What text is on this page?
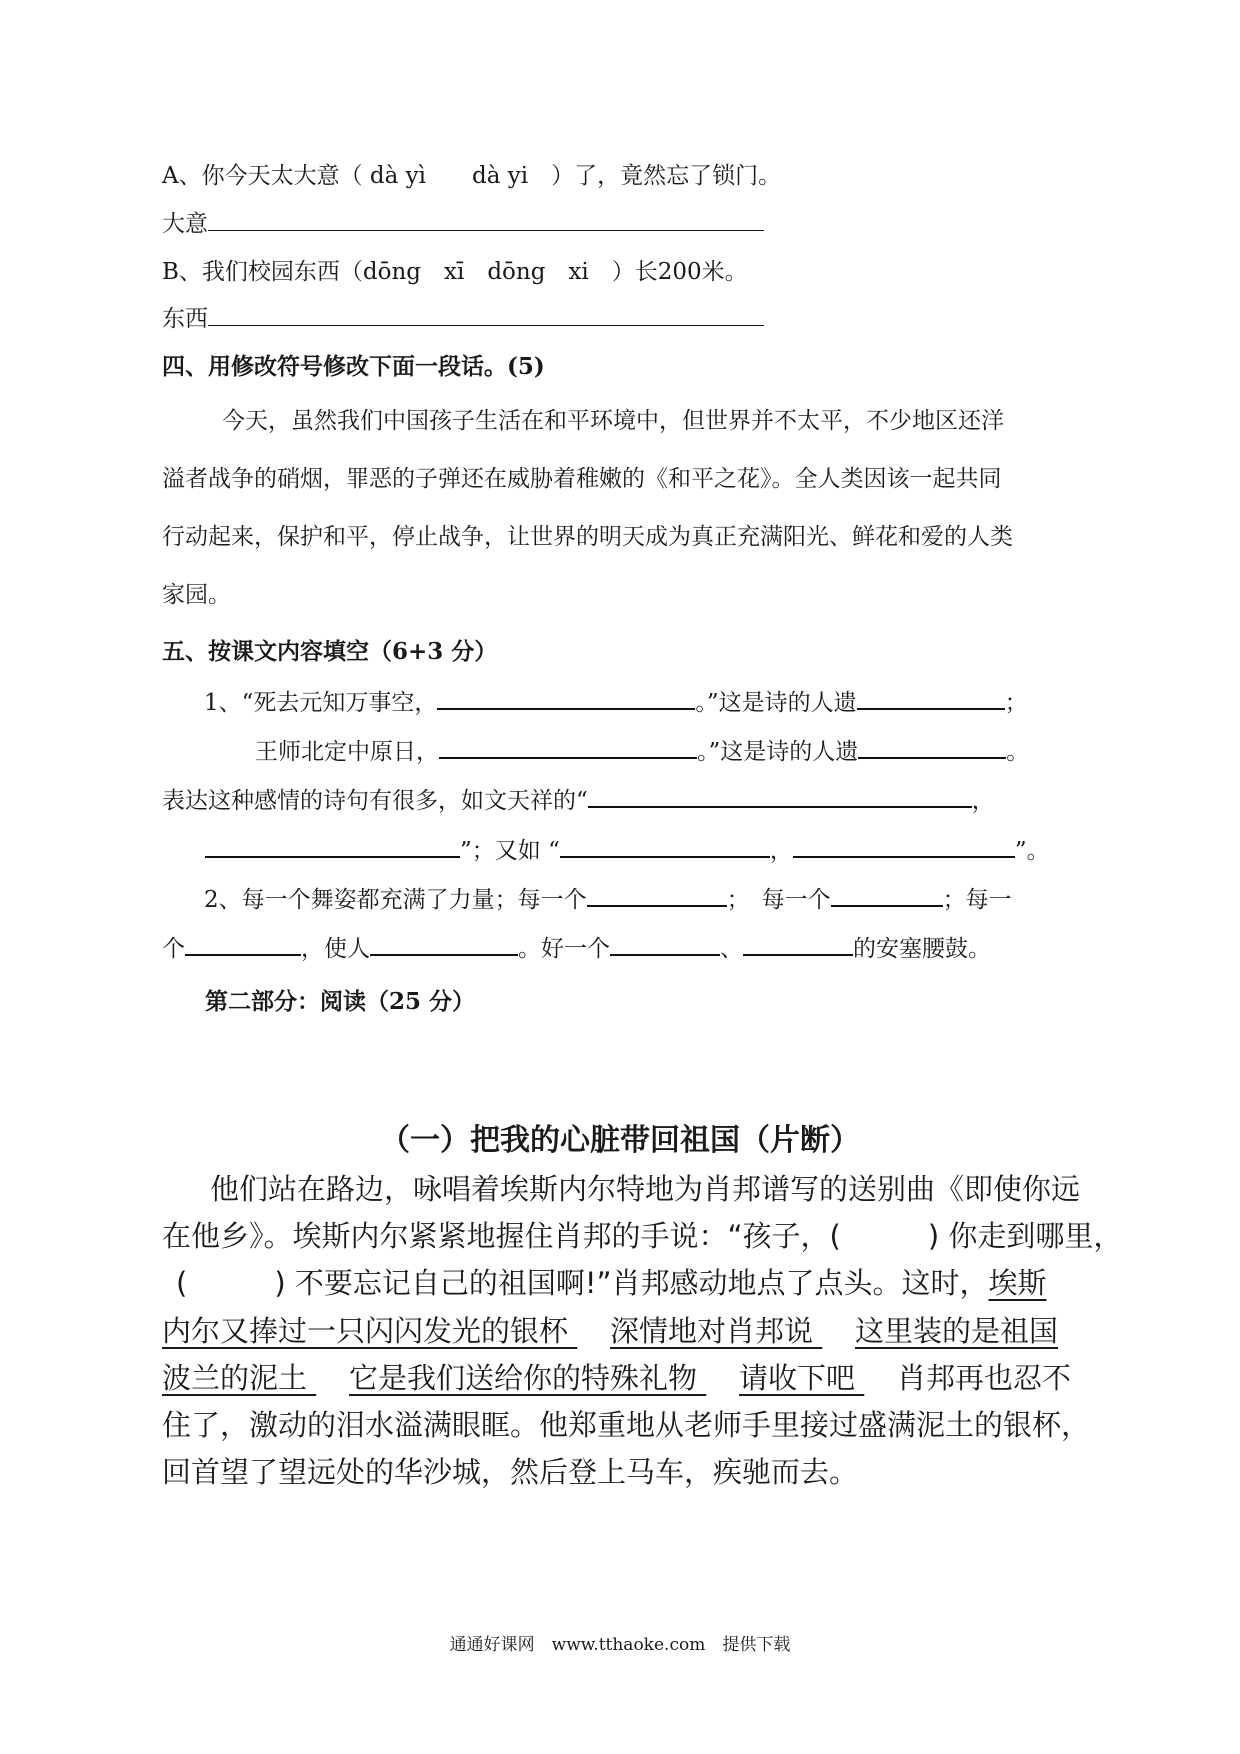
A、你今天太大意（ dà yì　　dà yi　）了，竟然忘了锁门。
大意
B、我们校园东西（dōng　xī　dōng　xi　）长200米。
东西
四、用修改符号修改下面一段话。(5)
今天，虽然我们中国孩子生活在和平环境中，但世界并不太平，不少地区还洋
溢者战争的硝烟，罪恶的子弹还在威胁着稚嫩的《和平之花》。全人类因该一起共同
行动起来，保护和平，停止战争，让世界的明天成为真正充满阳光、鲜花和爱的人类
家园。
五、按课文内容填空（6+3 分）
1、“死去元知万事空，	。”这是诗的人遗	；
王师北定中原日，	。”这是诗的人遗	。
表达这种感情的诗句有很多，如文天祥的“	，
”；又如 “	，	”。
2、每一个舞姿都充满了力量；每一个	； 每一个	；每一
个	，使人	。好一个	、	的安塞腰鼓。
第二部分：阅读（25 分）
（一）把我的心脏带回祖国（片断）
他们站在路边，咏唱着埃斯内尔特地为肖邦谱写的送别曲《即使你远
在他乡》。埃斯内尔紧紧地握住肖邦的手说：“孩子，(　　　) 你走到哪里，
(　　　) 不要忘记自己的祖国啊!”肖邦感动地点了点头。这时，埃斯
内尔又捧过一只闪闪发光的银杯 深情地对肖邦说 这里装的是祖国
波兰的泥土 它是我们送给你的特殊礼物 请收下吧 肖邦再也忍不
住了，激动的泪水溢满眼眶。他郑重地从老师手里接过盛满泥土的银杯，
回首望了望远处的华沙城，然后登上马车，疾驰而去。
通通好课网　www.tthaoke.com　提供下载
